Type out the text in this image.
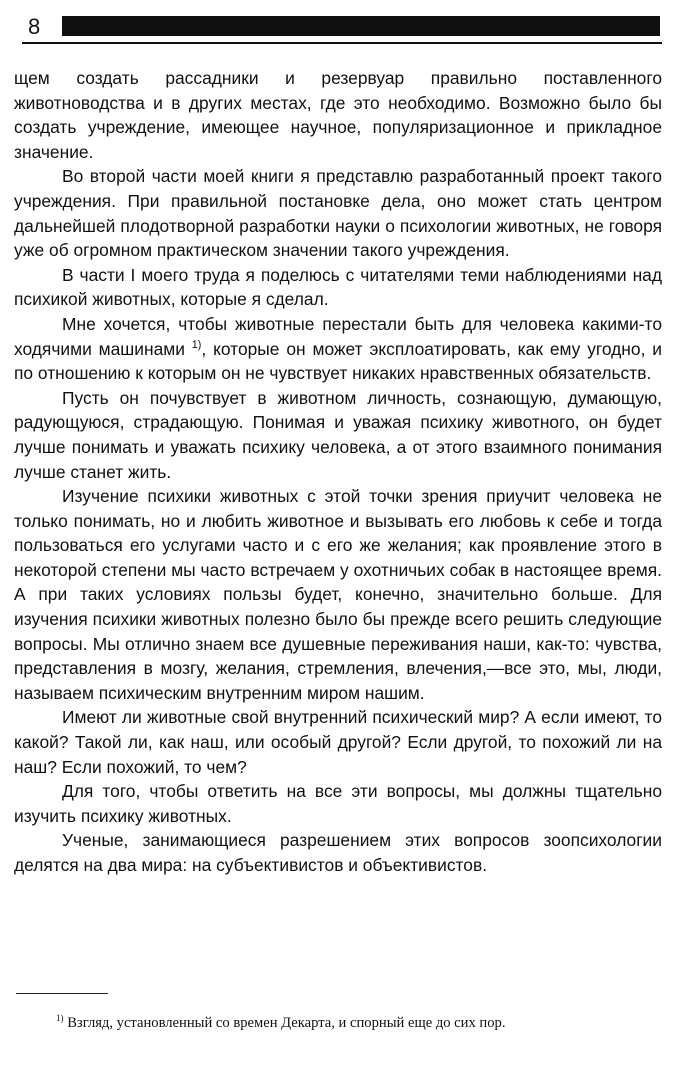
8

щем создать рассадники и резервуар правильно поставленного животноводства и в других местах, где это необходимо. Возможно было бы создать учреждение, имеющее научное, популяризационное и прикладное значение.

Во второй части моей книги я представлю разработанный проект такого учреждения. При правильной постановке дела, оно может стать центром дальнейшей плодотворной разработки науки о психологии животных, не говоря уже об огромном практическом значении такого учреждения.

В части I моего труда я поделюсь с читателями теми наблюдениями над психикой животных, которые я сделал.

Мне хочется, чтобы животные перестали быть для человека какими-то ходячими машинами $^{1)}$, которые он может эксплоатировать, как ему угодно, и по отношению к которым он не чувствует никаких нравственных обязательств.

Пусть он почувствует в животном личность, сознающую, думающую, радующуюся, страдающую. Понимая и уважая психику животного, он будет лучше понимать и уважать психику человека, а от этого взаимного понимания лучше станет жить.

Изучение психики животных с этой точки зрения приучит человека не только понимать, но и любить животное и вызывать его любовь к себе и тогда пользоваться его услугами часто и с его же желания; как проявление этого в некоторой степени мы часто встречаем у охотничьих собак в настоящее время. А при таких условиях пользы будет, конечно, значительно больше. Для изучения психики животных полезно было бы прежде всего решить следующие вопросы. Мы отлично знаем все душевные переживания наши, как-то: чувства, представления в мозгу, желания, стремления, влечения,—все это, мы, люди, называем психическим внутренним миром нашим.

Имеют ли животные свой внутренний психический мир? А если имеют, то какой? Такой ли, как наш, или особый другой? Если другой, то похожий ли на наш? Если похожий, то чем?

Для того, чтобы ответить на все эти вопросы, мы должны тщательно изучить психику животных.

Ученые, занимающиеся разрешением этих вопросов зоопсихологии делятся на два мира: на субъективистов и объективистов.

$^{1)}$ Взгляд, установленный со времен Декарта, и спорный еще до сих пор.
